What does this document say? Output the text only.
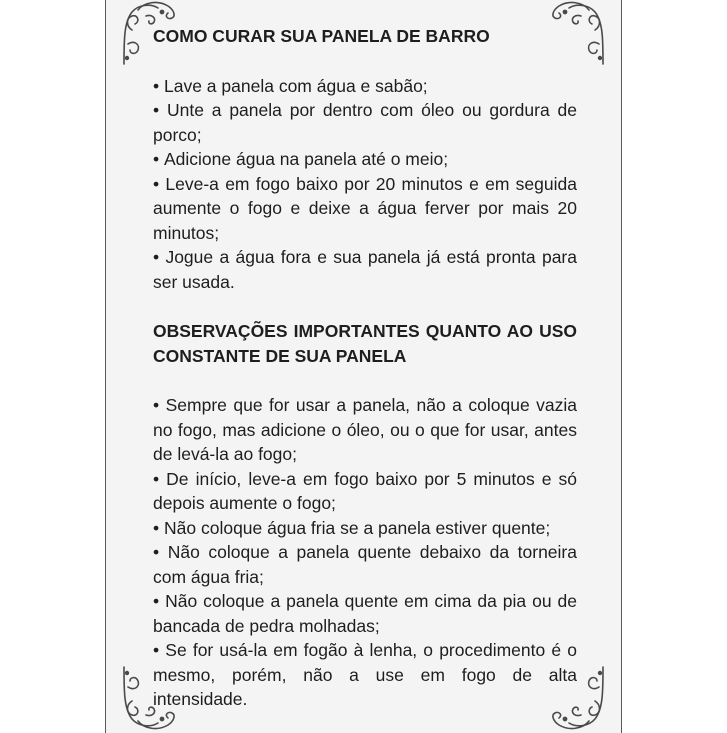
COMO CURAR SUA PANELA DE BARRO

• Lave a panela com água e sabão;
• Unte a panela por dentro com óleo ou gordura de porco;
• Adicione água na panela até o meio;
• Leve-a em fogo baixo por 20 minutos e em seguida aumente o fogo e deixe a água ferver por mais 20 minutos;
• Jogue a água fora e sua panela já está pronta para ser usada.

OBSERVAÇÕES IMPORTANTES QUANTO AO USO CONSTANTE DE SUA PANELA

• Sempre que for usar a panela, não a coloque vazia no fogo, mas adicione o óleo, ou o que for usar, antes de levá-la ao fogo;
• De início, leve-a em fogo baixo por 5 minutos e só depois aumente o fogo;
• Não coloque água fria se a panela estiver quente;
• Não coloque a panela quente debaixo da torneira com água fria;
• Não coloque a panela quente em cima da pia ou de bancada de pedra molhadas;
• Se for usá-la em fogão à lenha, o procedimento é o mesmo, porém, não a use em fogo de alta intensidade.
